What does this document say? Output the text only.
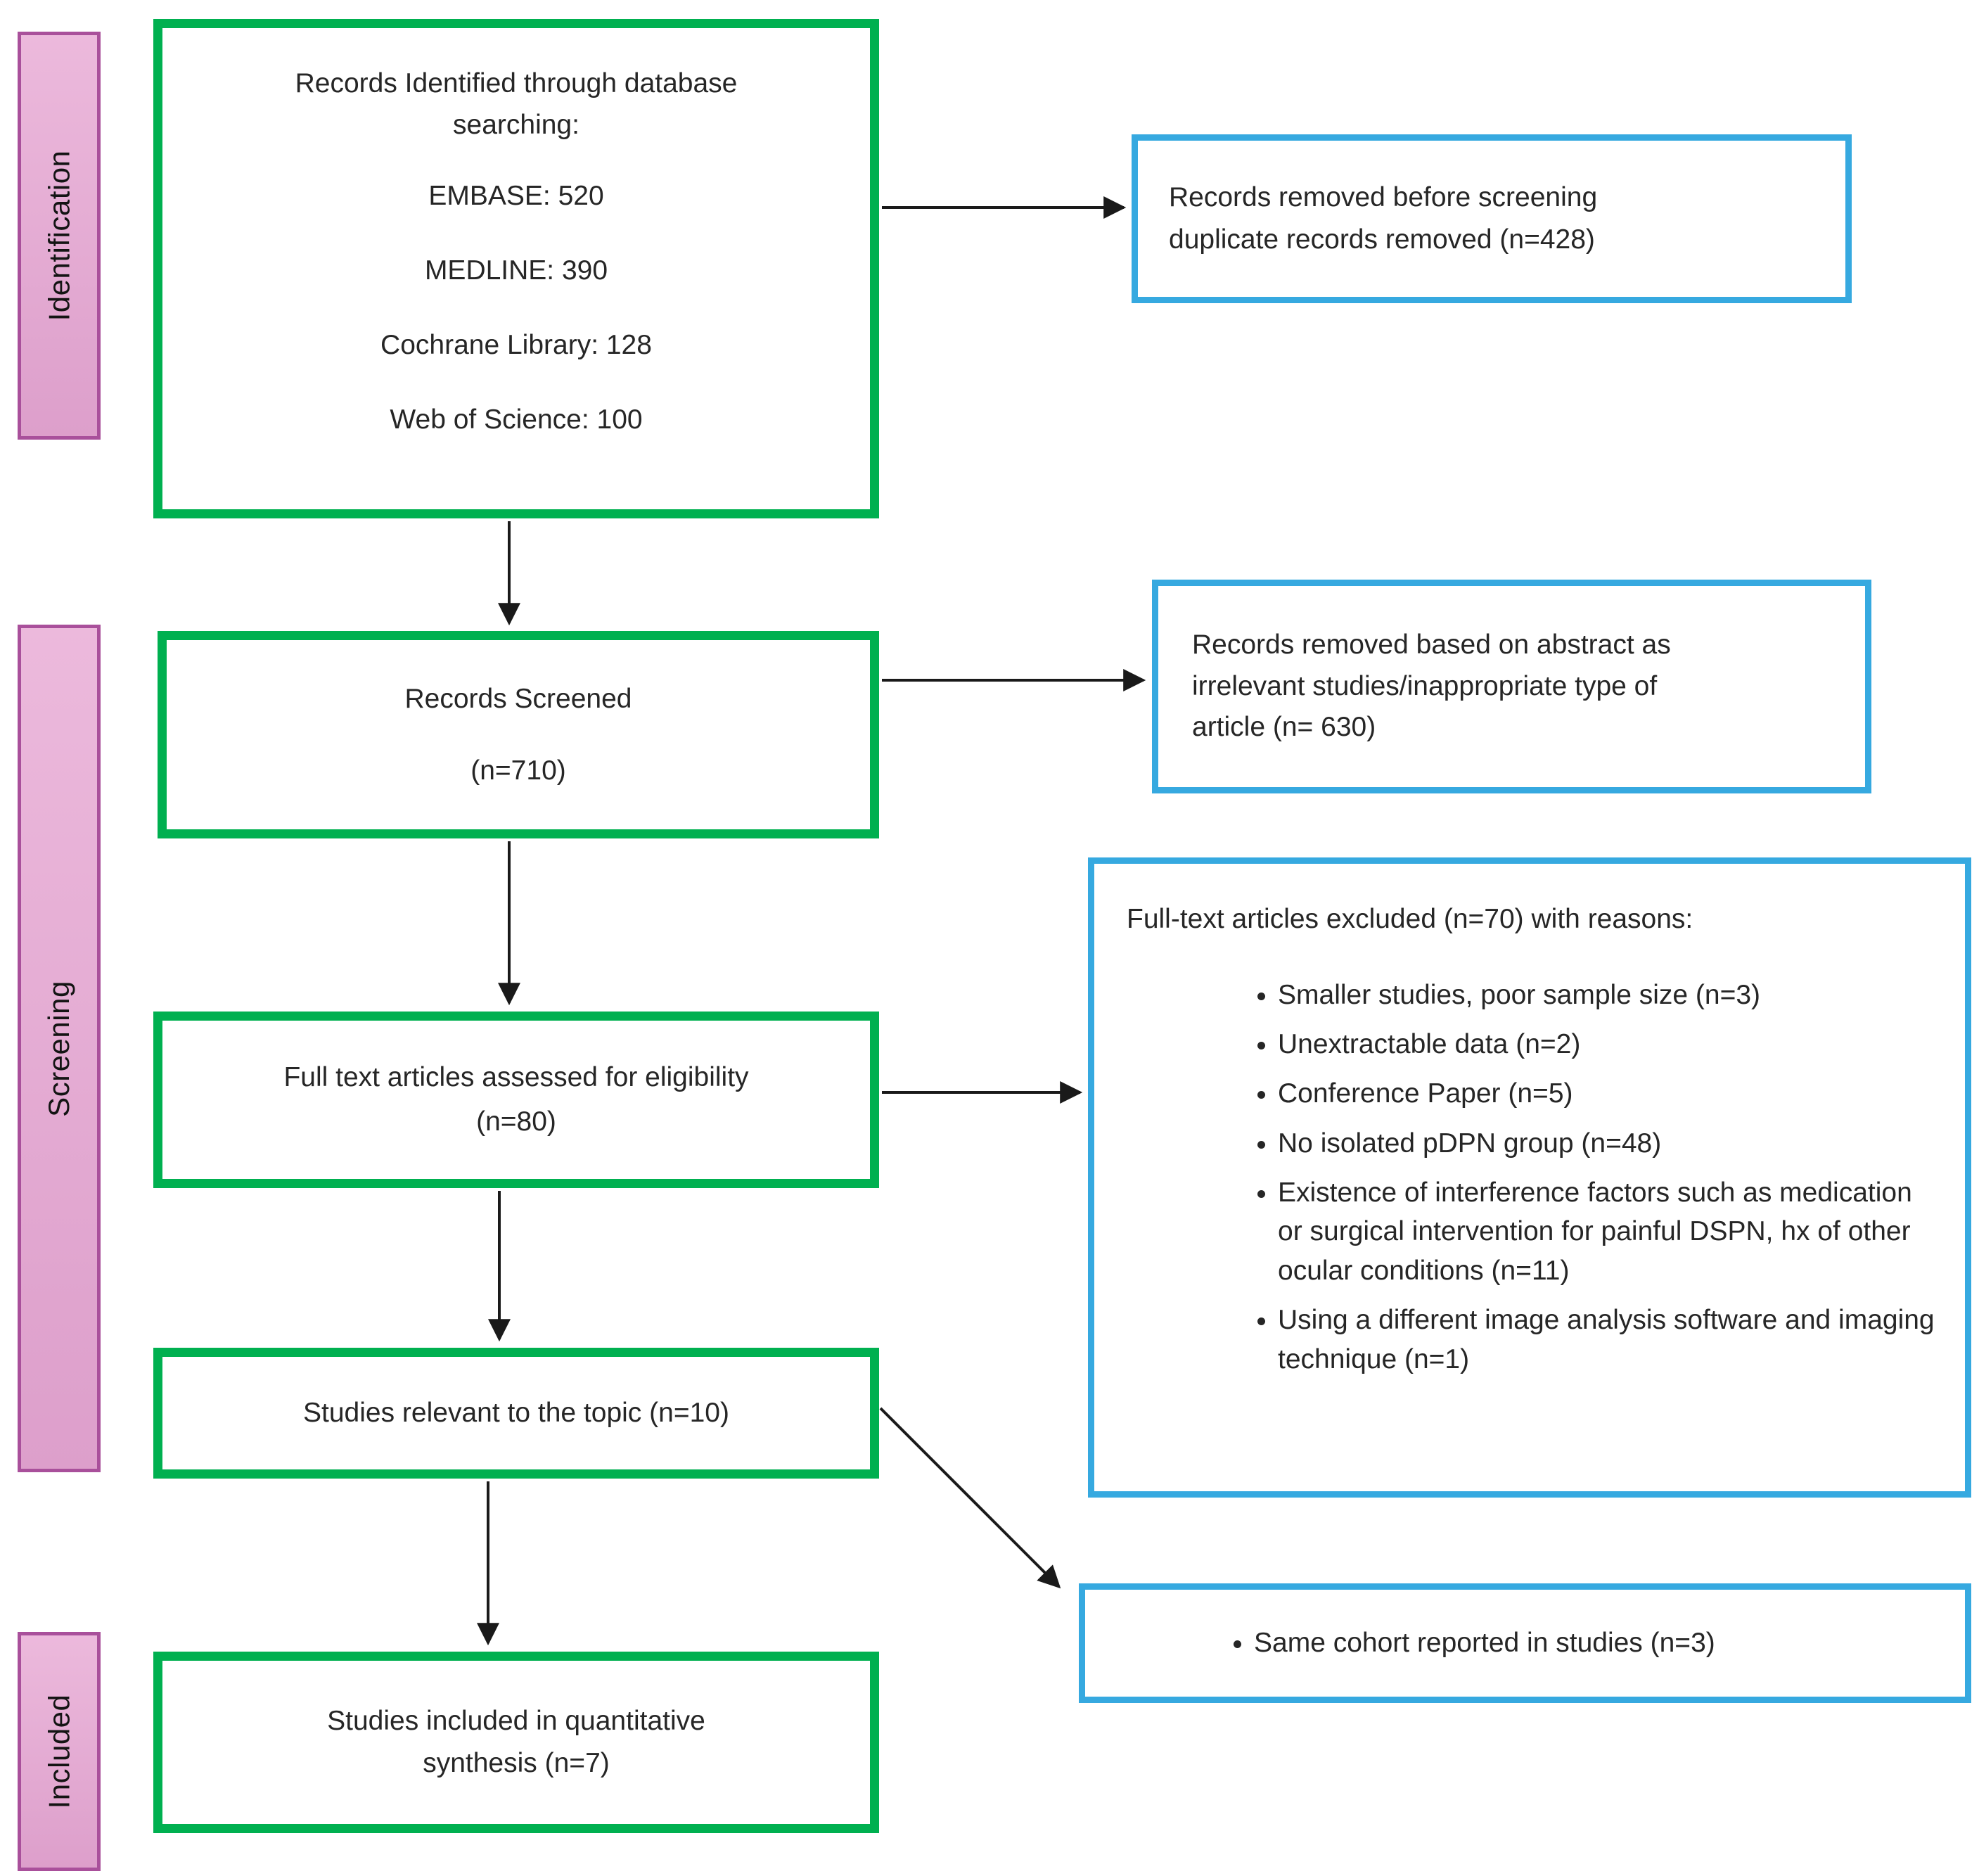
Identification
Screening
Included
Records Identified through database
searching:
EMBASE: 520
MEDLINE: 390
Cochrane Library: 128
Web of Science: 100
Records Screened
(n=710)
Full text articles assessed for eligibility
(n=80)
Studies relevant to the topic (n=10)
Studies included in quantitative
synthesis (n=7)
Records removed before screening
duplicate records removed (n=428)
Records removed based on abstract as
irrelevant studies/inappropriate type of
article (n= 630)
Full-text articles excluded (n=70) with reasons:
• Smaller studies, poor sample size (n=3)
• Unextractable data (n=2)
• Conference Paper (n=5)
• No isolated pDPN group (n=48)
• Existence of interference factors such as medication or surgical intervention for painful DSPN, hx of other ocular conditions (n=11)
• Using a different image analysis software and imaging technique (n=1)
• Same cohort reported in studies (n=3)
